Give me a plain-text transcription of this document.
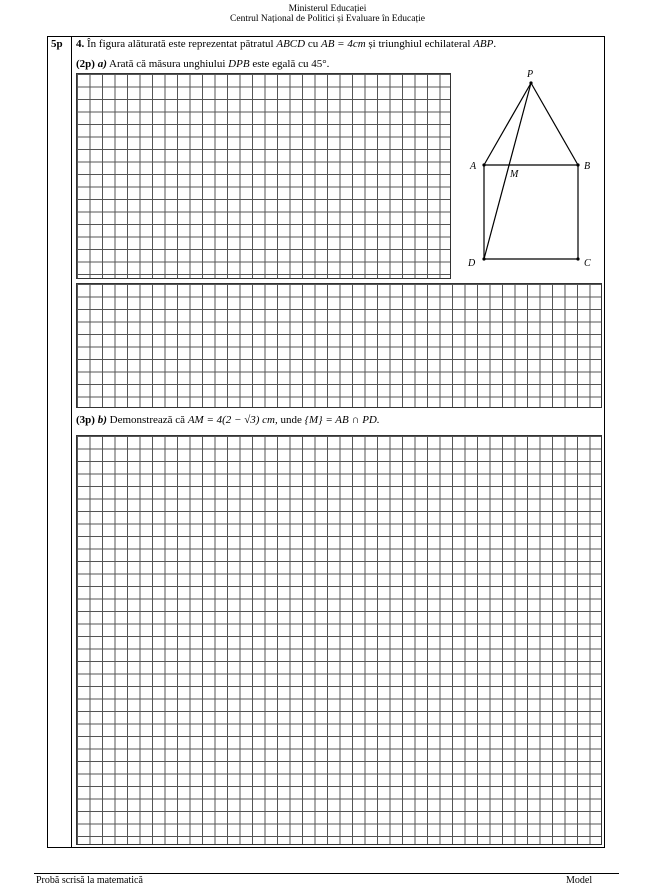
Ministerul Educației
Centrul Național de Politici și Evaluare în Educație
5p 4. În figura alăturată este reprezentat pătratul ABCD cu AB = 4cm și triunghiul echilateral ABP.
(2p) a) Arată că măsura unghiului DPB este egală cu 45°.
(3p) b) Demonstrează că AM = 4(2 − √3) cm, unde {M} = AB ∩ PD.
P
A	B
C
D
M
Probă scrisă la matematică	Model
